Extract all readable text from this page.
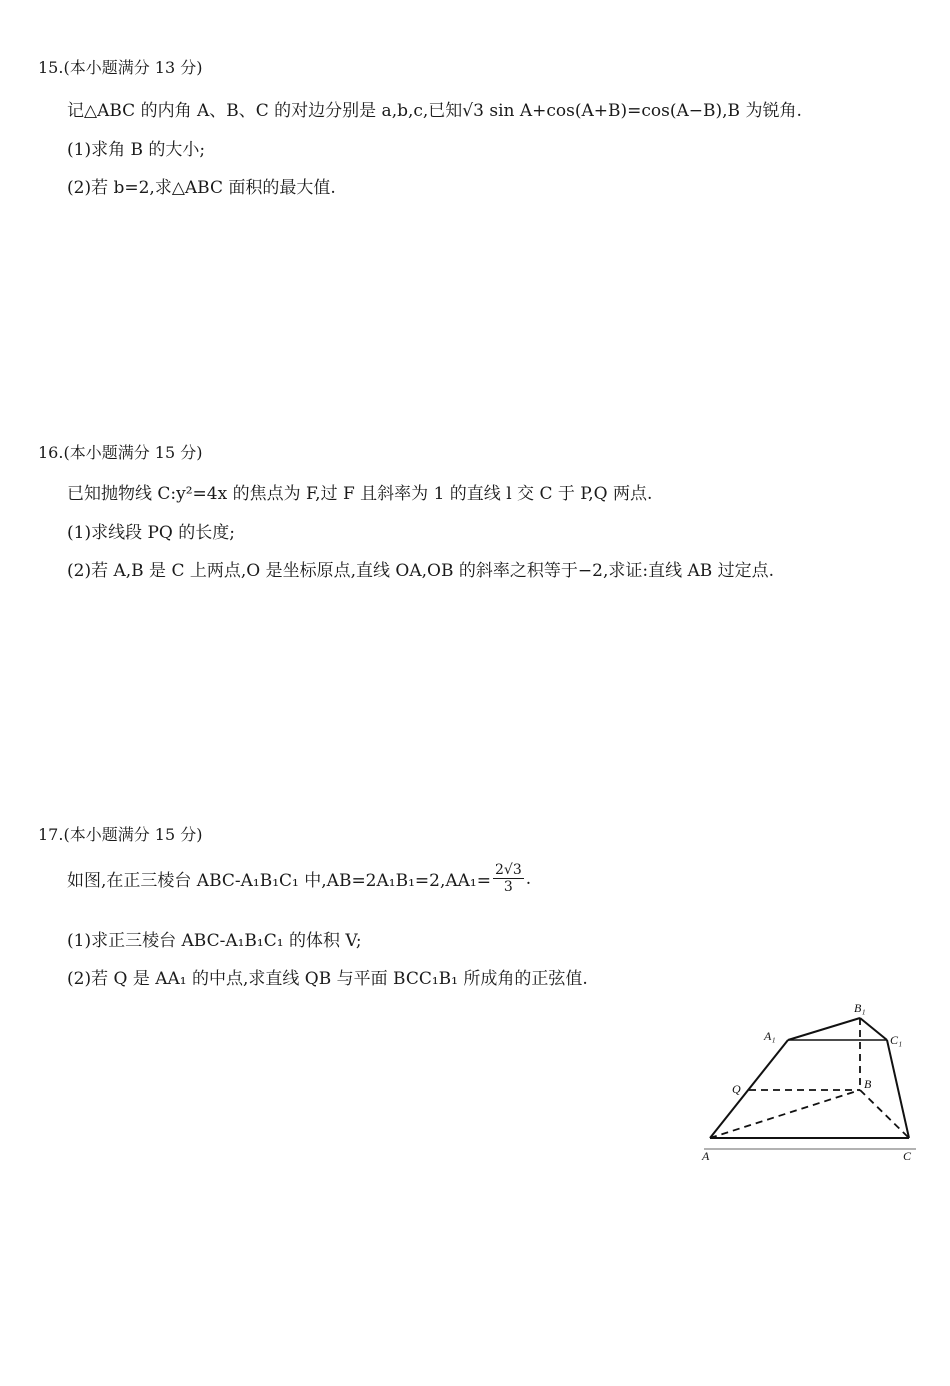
15.(本小题满分 13 分)
记△ABC 的内角 A、B、C 的对边分别是 a,b,c,已知√3 sin A+cos(A+B)=cos(A−B),B 为锐角.
(1)求角 B 的大小;
(2)若 b=2,求△ABC 面积的最大值.
16.(本小题满分 15 分)
已知抛物线 C:y²=4x 的焦点为 F,过 F 且斜率为 1 的直线 l 交 C 于 P,Q 两点.
(1)求线段 PQ 的长度;
(2)若 A,B 是 C 上两点,O 是坐标原点,直线 OA,OB 的斜率之积等于−2,求证:直线 AB 过定点.
17.(本小题满分 15 分)
如图,在正三棱台 ABC-A₁B₁C₁ 中$,AB=2A_1B_1=2,AA_1= \frac{2√3}{3}$ .
(1)求正三棱台 ABC-A₁B₁C₁ 的体积 V;
(2)若 Q 是 AA₁ 的中点,求直线 QB 与平面 BCC₁B₁ 所成角的正弦值.
B₁
A₁	C₁
Q	B
A	C
